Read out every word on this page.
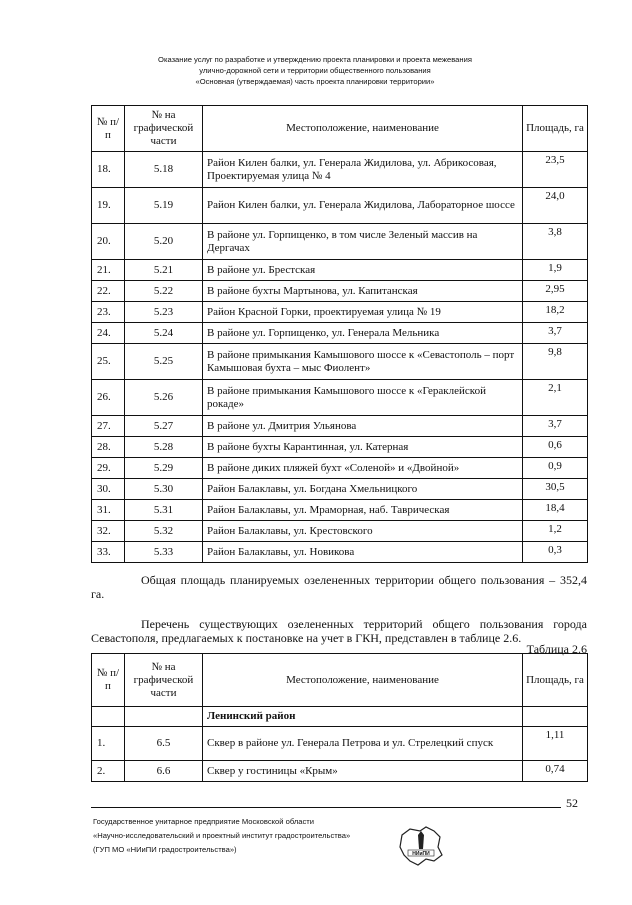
Оказание услуг по разработке и утверждению проекта планировки и проекта межевания
улично-дорожной сети и территории общественного пользования
«Основная (утверждаемая) часть проекта планировки территории»
№ п/п	№ на графической части	Местоположение, наименование	Площадь, га
18.	5.18	Район Килен балки, ул. Генерала Жидилова, ул. Абрикосовая, Проектируемая улица № 4	23,5
19.	5.19	Район Килен балки, ул. Генерала Жидилова, Лабораторное шоссе	24,0
20.	5.20	В районе ул. Горпищенко, в том числе Зеленый массив на Дергачах	3,8
21.	5.21	В районе ул. Брестская	1,9
22.	5.22	В районе бухты Мартынова, ул. Капитанская	2,95
23.	5.23	Район Красной Горки, проектируемая улица № 19	18,2
24.	5.24	В районе ул. Горпищенко, ул. Генерала Мельника	3,7
25.	5.25	В районе примыкания Камышового шоссе к «Севастополь – порт Камышовая бухта – мыс Фиолент»	9,8
26.	5.26	В районе примыкания Камышового шоссе к «Гераклейской рокаде»	2,1
27.	5.27	В районе ул. Дмитрия Ульянова	3,7
28.	5.28	В районе бухты Карантинная, ул. Катерная	0,6
29.	5.29	В районе диких пляжей бухт «Соленой» и «Двойной»	0,9
30.	5.30	Район Балаклавы, ул. Богдана Хмельницкого	30,5
31.	5.31	Район Балаклавы, ул. Мраморная, наб. Таврическая	18,4
32.	5.32	Район Балаклавы, ул. Крестовского	1,2
33.	5.33	Район Балаклавы, ул. Новикова	0,3

Общая площадь планируемых озелененных территории общего пользования – 352,4 га.

Перечень существующих озелененных территорий общего пользования города Севастополя, предлагаемых к постановке на учет в ГКН, представлен в таблице 2.6.

Таблица 2.6
№ п/п	№ на графической части	Местоположение, наименование	Площадь, га
		Ленинский район	
1.	6.5	Сквер в районе ул. Генерала Петрова и ул. Стрелецкий спуск	1,11
2.	6.6	Сквер у гостиницы «Крым»	0,74
52
Государственное унитарное предприятие Московской области
«Научно-исследовательский и проектный институт градостроительства»
(ГУП МО «НИиПИ градостроительства»)	НИиПИ
